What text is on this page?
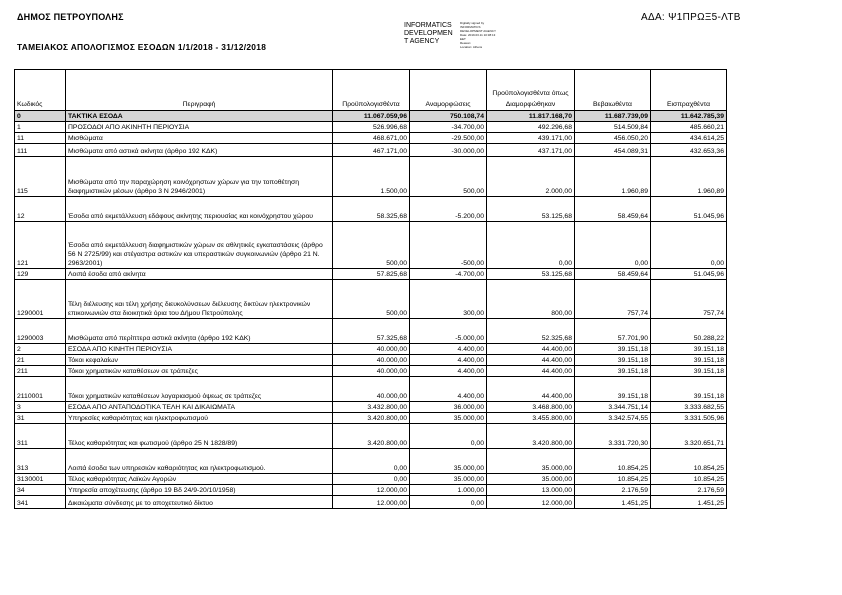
ΔΗΜΟΣ ΠΕΤΡΟΥΠΟΛΗΣ	ΑΔΑ: Ψ1ΠΡΩΞ5-ΛΤΒ
ΤΑΜΕΙΑΚΟΣ ΑΠΟΛΟΓΙΣΜΟΣ ΕΣΟΔΩΝ 1/1/2018 - 31/12/2018
INFORMATICS
DEVELOPMEN
T AGENCY
Digitally signed by
INFORMATICS
DEVELOPMENT AGENCY
Date: 2019.03.11 10:38:13
EET
Reason:
Location: Athens
Κωδικός	Περιγραφή	Προϋπολογισθέντα	Αναμορφώσεις	Προϋπολογισθέντα όπως Διαμορφώθηκαν	Βεβαιωθέντα	Εισπραχθέντα
0	ΤΑΚΤΙΚΑ ΕΣΟΔΑ	11.067.059,96	750.108,74	11.817.168,70	11.687.739,09	11.642.785,39
1	ΠΡΟΣΟΔΟΙ ΑΠΟ ΑΚΙΝΗΤΗ ΠΕΡΙΟΥΣΙΑ	526.996,68	-34.700,00	492.296,68	514.509,84	485.660,21
11	Μισθώματα	468.671,00	-29.500,00	439.171,00	456.050,20	434.614,25
111	Μισθώματα από αστικά ακίνητα (άρθρο 192 ΚΔΚ)	467.171,00	-30.000,00	437.171,00	454.089,31	432.653,36
115	Μισθώματα από την παραχώρηση κοινόχρηστων χώρων για την τοποθέτηση διαφημιστικών μέσων (άρθρο 3 Ν 2946/2001)	1.500,00	500,00	2.000,00	1.960,89	1.960,89
12	Έσοδα από εκμετάλλευση εδάφους ακίνητης περιουσίας και κοινόχρηστου χώρου	58.325,68	-5.200,00	53.125,68	58.459,64	51.045,96
121	Έσοδα από εκμετάλλευση διαφημιστικών χώρων σε αθλητικές εγκαταστάσεις (άρθρο 56 Ν 2725/99) και στέγαστρα αστικών και υπεραστικών συγκοινωνιών (άρθρο 21 Ν. 2963/2001)	500,00	-500,00	0,00	0,00	0,00
129	Λοιπά έσοδα από ακίνητα	57.825,68	-4.700,00	53.125,68	58.459,64	51.045,96
1290001	Τέλη διέλευσης και τέλη χρήσης διευκολύνσεων διέλευσης δικτύων ηλεκτρονικών επικοινωνιών στα διοικητικά όρια του Δήμου Πετρούπολης	500,00	300,00	800,00	757,74	757,74
1290003	Μισθώματα από περίπτερα αστικά ακίνητα (άρθρο 192 ΚΔΚ)	57.325,68	-5.000,00	52.325,68	57.701,90	50.288,22
2	ΕΣΟΔΑ ΑΠΟ ΚΙΝΗΤΗ ΠΕΡΙΟΥΣΙΑ	40.000,00	4.400,00	44.400,00	39.151,18	39.151,18
21	Τόκοι κεφαλαίων	40.000,00	4.400,00	44.400,00	39.151,18	39.151,18
211	Τόκοι χρηματικών καταθέσεων σε τράπεζες	40.000,00	4.400,00	44.400,00	39.151,18	39.151,18
2110001	Τόκοι χρηματικών καταθέσεων λογαριασμού όψεως σε τράπεζες	40.000,00	4.400,00	44.400,00	39.151,18	39.151,18
3	ΕΣΟΔΑ ΑΠΟ ΑΝΤΑΠΟΔΟΤΙΚΑ ΤΕΛΗ ΚΑΙ ΔΙΚΑΙΩΜΑΤΑ	3.432.800,00	36.000,00	3.468.800,00	3.344.751,14	3.333.682,55
31	Υπηρεσίες καθαριότητας και ηλεκτροφωτισμού	3.420.800,00	35.000,00	3.455.800,00	3.342.574,55	3.331.505,96
311	Τέλος καθαριότητας και φωτισμού (άρθρο 25 Ν 1828/89)	3.420.800,00	0,00	3.420.800,00	3.331.720,30	3.320.651,71
313	Λοιπά έσοδα των υπηρεσιών καθαριότητας και ηλεκτροφωτισμού.	0,00	35.000,00	35.000,00	10.854,25	10.854,25
3130001	Τέλος καθαριότητας Λαϊκών Αγορών	0,00	35.000,00	35.000,00	10.854,25	10.854,25
34	Υπηρεσία αποχέτευσης (άρθρο 19 Βδ 24/9-20/10/1958)	12.000,00	1.000,00	13.000,00	2.176,59	2.176,59
341	Δικαιώματα σύνδεσης με το αποχετευτικό δίκτυο	12.000,00	0,00	12.000,00	1.451,25	1.451,25
